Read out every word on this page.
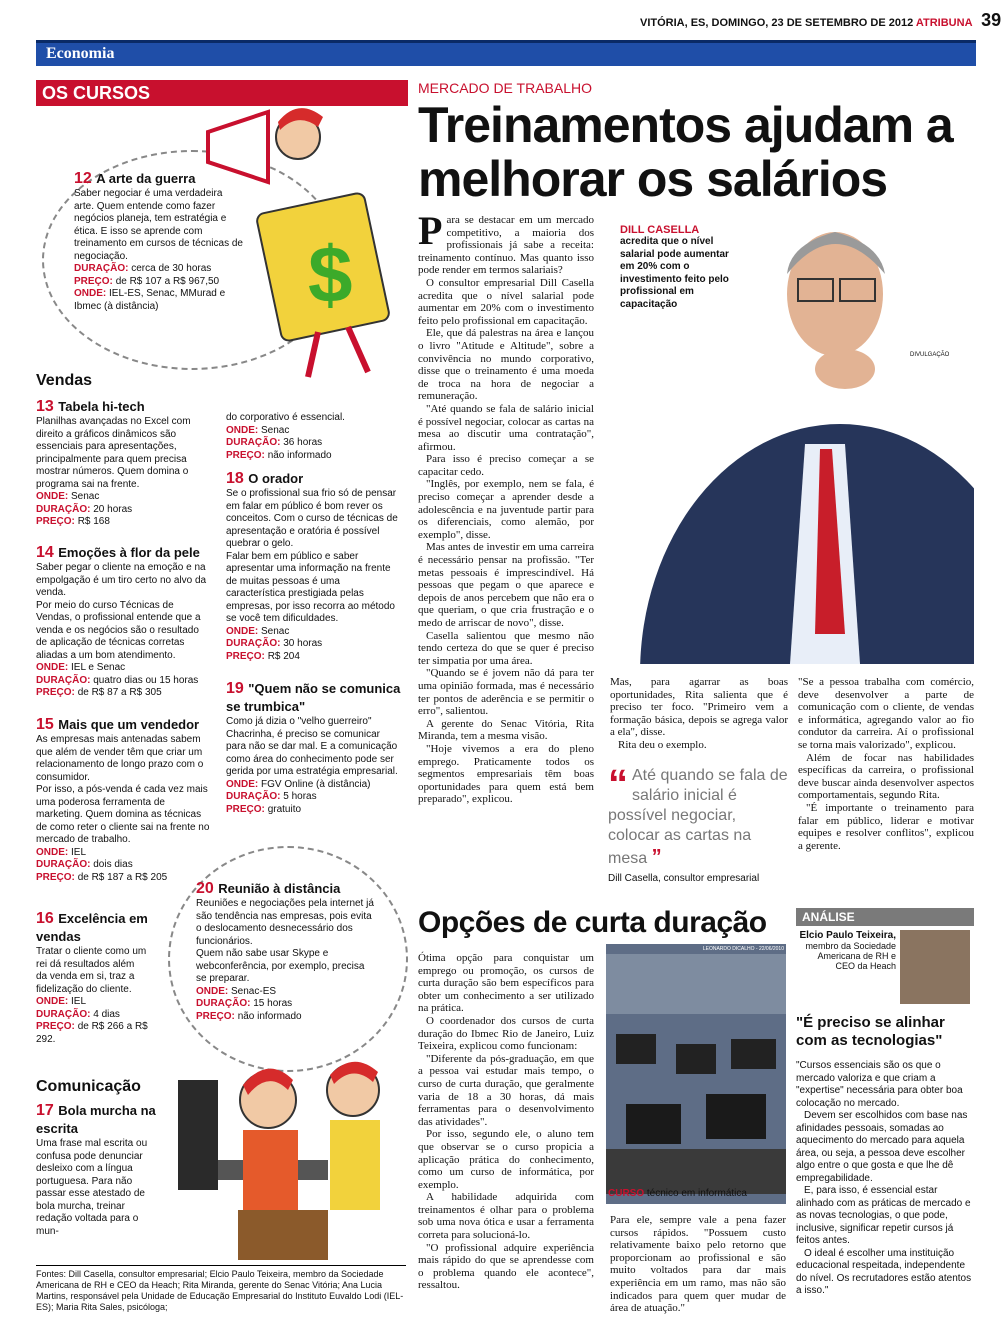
VITÓRIA, ES, DOMINGO, 23 DE SETEMBRO DE 2012 ATRIBUNA 39
Economia
OS CURSOS
$
12 A arte da guerra
Saber negociar é uma verdadeira arte. Quem entende como fazer negócios planeja, tem estratégia e ética. E isso se aprende com treinamento em cursos de técnicas de negociação.
DURAÇÃO: cerca de 30 horas
PREÇO: de R$ 107 a R$ 967,50
ONDE: IEL-ES, Senac, MMurad e Ibmec (à distância)
Vendas
13 Tabela hi-tech
Planilhas avançadas no Excel com direito a gráficos dinâmicos são essenciais para apresentações, principalmente para quem precisa mostrar números. Quem domina o programa sai na frente.
ONDE: Senac
DURAÇÃO: 20 horas
PREÇO: R$ 168
14 Emoções à flor da pele
Saber pegar o cliente na emoção e na empolgação é um tiro certo no alvo da venda.
Por meio do curso Técnicas de Vendas, o profissional entende que a venda e os negócios são o resultado de aplicação de técnicas corretas aliadas a um bom atendimento.
ONDE: IEL e Senac
DURAÇÃO: quatro dias ou 15 horas
PREÇO: de R$ 87 a R$ 305
15 Mais que um vendedor
As empresas mais antenadas sabem que além de vender têm que criar um relacionamento de longo prazo com o consumidor.
Por isso, a pós-venda é cada vez mais uma poderosa ferramenta de marketing. Quem domina as técnicas de como reter o cliente sai na frente no mercado de trabalho.
ONDE: IEL
DURAÇÃO: dois dias
PREÇO: de R$ 187 a R$ 205
16 Excelência em vendas
Tratar o cliente como um rei dá resultados além da venda em si, traz a fidelização do cliente.
ONDE: IEL
DURAÇÃO: 4 dias
PREÇO: de R$ 266 a R$ 292.
Comunicação
17 Bola murcha na escrita
Uma frase mal escrita ou confusa pode denunciar desleixo com a língua portuguesa. Para não passar esse atestado de bola murcha, treinar redação voltada para o mun-
do corporativo é essencial.
ONDE: Senac
DURAÇÃO: 36 horas
PREÇO: não informado
18 O orador
Se o profissional sua frio só de pensar em falar em público é bom rever os conceitos. Com o curso de técnicas de apresentação e oratória é possível quebrar o gelo.
Falar bem em público e saber apresentar uma informação na frente de muitas pessoas é uma característica prestigiada pelas empresas, por isso recorra ao método se você tem dificuldades.
ONDE: Senac
DURAÇÃO: 30 horas
PREÇO: R$ 204
19 "Quem não se comunica se trumbica"
Como já dizia o "velho guerreiro" Chacrinha, é preciso se comunicar para não se dar mal. E a comunicação como área do conhecimento pode ser gerida por uma estratégia empresarial.
ONDE: FGV Online (à distância)
DURAÇÃO: 5 horas
PREÇO: gratuito
20 Reunião à distância
Reuniões e negociações pela internet já são tendência nas empresas, pois evita o deslocamento desnecessário dos funcionários.
Quem não sabe usar Skype e webconferência, por exemplo, precisa se preparar.
ONDE: Senac-ES
DURAÇÃO: 15 horas
PREÇO: não informado
MERCADO DE TRABALHO
Treinamentos ajudam a melhorar os salários
P ara se destacar em um mercado competitivo, a maioria dos profissionais já sabe a receita: treinamento contínuo. Mas quanto isso pode render em termos salariais?

O consultor empresarial Dill Casella acredita que o nível salarial pode aumentar em 20% com o investimento feito pelo profissional em capacitação.

Ele, que dá palestras na área e lançou o livro "Atitude e Altitude", sobre a convivência no mundo corporativo, disse que o treinamento é uma moeda de troca na hora de negociar a remuneração.

"Até quando se fala de salário inicial é possível negociar, colocar as cartas na mesa ao discutir uma contratação", afirmou.

Para isso é preciso começar a se capacitar cedo.

"Inglês, por exemplo, nem se fala, é preciso começar a aprender desde a adolescência e na juventude partir para os diferenciais, como alemão, por exemplo", disse.

Mas antes de investir em uma carreira é necessário pensar na profissão. "Ter metas pessoais é imprescindível. Há pessoas que pegam o que aparece e depois de anos percebem que não era o que queriam, o que cria frustração e o medo de arriscar de novo", disse.

Casella salientou que mesmo não tendo certeza do que se quer é preciso ter simpatia por uma área.

"Quando se é jovem não dá para ter uma opinião formada, mas é necessário ter pontos de aderência e se permitir o erro", salientou.

A gerente do Senac Vitória, Rita Miranda, tem a mesma visão.

"Hoje vivemos a era do pleno emprego. Praticamente todos os segmentos empresariais têm boas oportunidades para quem está bem preparado", explicou.

DILL CASELLA
acredita que o nível salarial pode aumentar em 20% com o investimento feito pelo profissional em capacitação
DIVULGAÇÃO
Mas, para agarrar as boas oportunidades, Rita salienta que é preciso ter foco. "Primeiro vem a formação básica, depois se agrega valor a ela", disse.

Rita deu o exemplo.

“ Até quando se fala de salário inicial é possível negociar, colocar as cartas na mesa ”
Dill Casella, consultor empresarial
"Se a pessoa trabalha com comércio, deve desenvolver a parte de comunicação com o cliente, de vendas e informática, agregando valor ao fio condutor da carreira. Aí o profissional se torna mais valorizado", explicou.

Além de focar nas habilidades específicas da carreira, o profissional deve buscar ainda desenvolver aspectos comportamentais, segundo Rita.

"É importante o treinamento para falar em público, liderar e motivar equipes e resolver conflitos", explicou a gerente.

Opções de curta duração
Ótima opção para conquistar um emprego ou promoção, os cursos de curta duração são bem específicos para obter um conhecimento a ser utilizado na prática.

O coordenador dos cursos de curta duração do Ibmec Rio de Janeiro, Luiz Teixeira, explicou como funcionam:

"Diferente da pós-graduação, em que a pessoa vai estudar mais tempo, o curso de curta duração, que geralmente varia de 18 a 30 horas, dá mais ferramentas para o desenvolvimento das atividades".

Por isso, segundo ele, o aluno tem que observar se o curso propicia a aplicação prática do conhecimento, como um curso de informática, por exemplo.

A habilidade adquirida com treinamentos é olhar para o problema sob uma nova ótica e usar a ferramenta correta para solucioná-lo.

"O profissional adquire experiência mais rápido do que se aprendesse com o problema quando ele acontece", ressaltou.

LEONARDO DICALHO - 22/06/2010
CURSO técnico em informática
Para ele, sempre vale a pena fazer cursos rápidos. "Possuem custo relativamente baixo pelo retorno que proporcionam ao profissional e são muito voltados para dar mais experiência em um ramo, mas não são indicados para quem quer mudar de área de atuação."
ANÁLISE
Elcio Paulo Teixeira,
membro da Sociedade Americana de RH e CEO da Heach
"É preciso se alinhar com as tecnologias"

"Cursos essenciais são os que o mercado valoriza e que criam a "expertise" necessária para obter boa colocação no mercado.

Devem ser escolhidos com base nas afinidades pessoais, somadas ao aquecimento do mercado para aquela área, ou seja, a pessoa deve escolher algo entre o que gosta e que lhe dê empregabilidade.

E, para isso, é essencial estar alinhado com as práticas de mercado e as novas tecnologias, o que pode, inclusive, significar repetir cursos já feitos antes.

O ideal é escolher uma instituição educacional respeitada, independente do nível. Os recrutadores estão atentos a isso."

Fontes: Dill Casella, consultor empresarial; Elcio Paulo Teixeira, membro da Sociedade Americana de RH e CEO da Heach; Rita Miranda, gerente do Senac Vitória; Ana Lucia Martins, responsável pela Unidade de Educação Empresarial do Instituto Euvaldo Lodi (IEL-ES); Maria Rita Sales, psicóloga;
